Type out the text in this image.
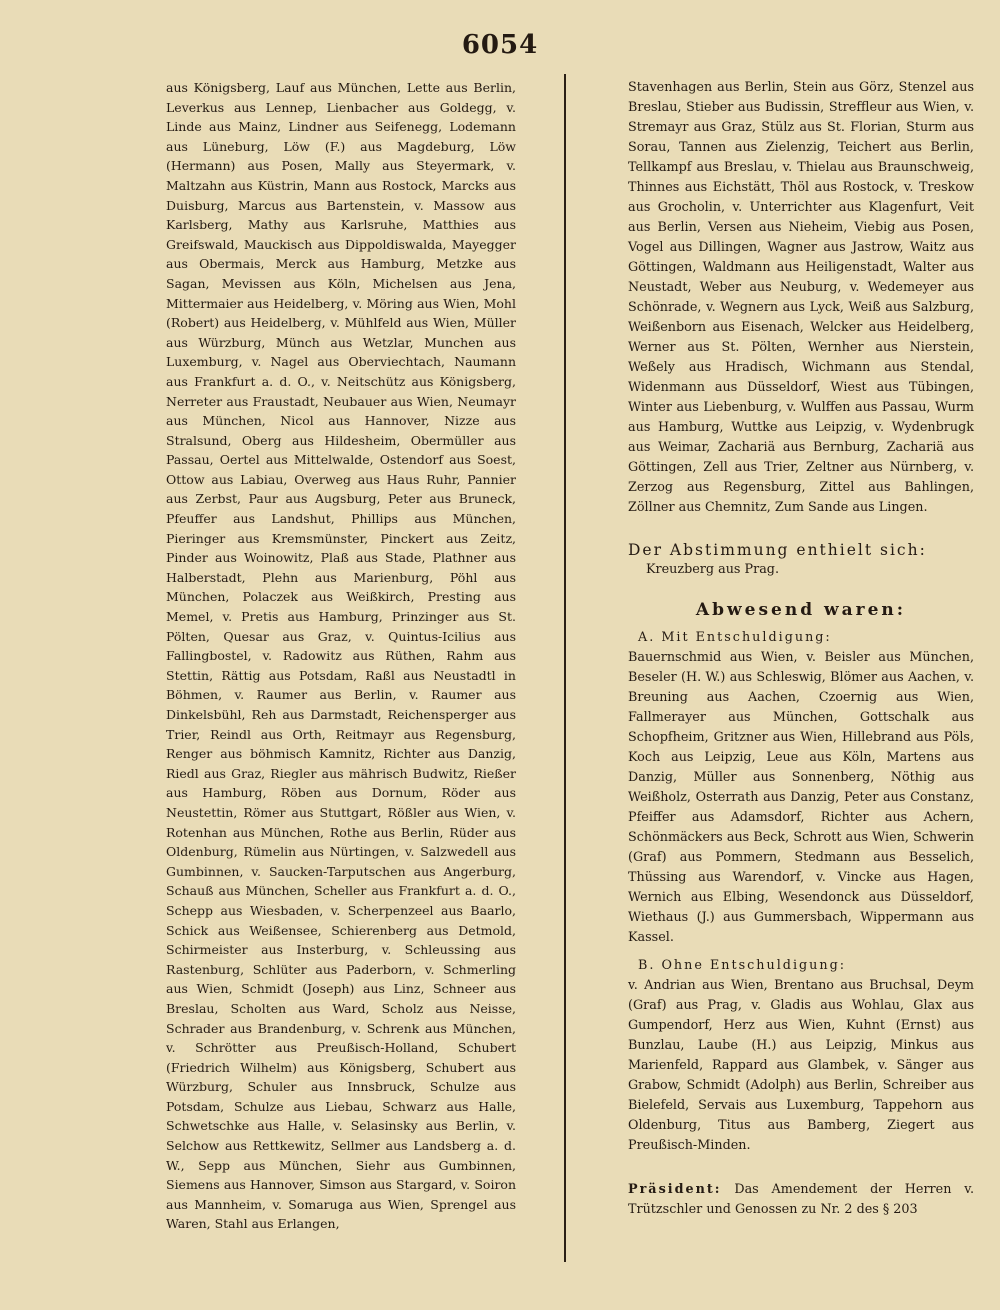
6054

aus Königsberg, Lauf aus München, Lette aus Berlin, Leverkus aus Lennep, Lienbacher aus Goldegg, v. Linde aus Mainz, Lindner aus Seifenegg, Lodemann aus Lüneburg, Löw (F.) aus Magdeburg, Löw (Hermann) aus Posen, Mally aus Steyermark, v. Maltzahn aus Küstrin, Mann aus Rostock, Marcks aus Duisburg, Marcus aus Bartenstein, v. Massow aus Karlsberg, Mathy aus Karlsruhe, Matthies aus Greifswald, Mauckisch aus Dippoldiswalda, Mayegger aus Obermais, Merck aus Hamburg, Metzke aus Sagan, Mevissen aus Köln, Michelsen aus Jena, Mittermaier aus Heidelberg, v. Möring aus Wien, Mohl (Robert) aus Heidelberg, v. Mühlfeld aus Wien, Müller aus Würzburg, Münch aus Wetzlar, Munchen aus Luxemburg, v. Nagel aus Oberviechtach, Naumann aus Frankfurt a. d. O., v. Neitschütz aus Königsberg, Nerreter aus Fraustadt, Neubauer aus Wien, Neumayr aus München, Nicol aus Hannover, Nizze aus Stralsund, Oberg aus Hildesheim, Obermüller aus Passau, Oertel aus Mittelwalde, Ostendorf aus Soest, Ottow aus Labiau, Overweg aus Haus Ruhr, Pannier aus Zerbst, Paur aus Augsburg, Peter aus Bruneck, Pfeuffer aus Landshut, Phillips aus München, Pieringer aus Kremsmünster, Pinckert aus Zeitz, Pinder aus Woinowitz, Plaß aus Stade, Plathner aus Halberstadt, Plehn aus Marienburg, Pöhl aus München, Polaczek aus Weißkirch, Presting aus Memel, v. Pretis aus Hamburg, Prinzinger aus St. Pölten, Quesar aus Graz, v. Quintus-Icilius aus Fallingbostel, v. Radowitz aus Rüthen, Rahm aus Stettin, Rättig aus Potsdam, Raßl aus Neustadtl in Böhmen, v. Raumer aus Berlin, v. Raumer aus Dinkelsbühl, Reh aus Darmstadt, Reichensperger aus Trier, Reindl aus Orth, Reitmayr aus Regensburg, Renger aus böhmisch Kamnitz, Richter aus Danzig, Riedl aus Graz, Riegler aus mährisch Budwitz, Rießer aus Hamburg, Röben aus Dornum, Röder aus Neustettin, Römer aus Stuttgart, Rößler aus Wien, v. Rotenhan aus München, Rothe aus Berlin, Rüder aus Oldenburg, Rümelin aus Nürtingen, v. Salzwedell aus Gumbinnen, v. Saucken-Tarputschen aus Angerburg, Schauß aus München, Scheller aus Frankfurt a. d. O., Schepp aus Wiesbaden, v. Scherpenzeel aus Baarlo, Schick aus Weißensee, Schierenberg aus Detmold, Schirmeister aus Insterburg, v. Schleussing aus Rastenburg, Schlüter aus Paderborn, v. Schmerling aus Wien, Schmidt (Joseph) aus Linz, Schneer aus Breslau, Scholten aus Ward, Scholz aus Neisse, Schrader aus Brandenburg, v. Schrenk aus München, v. Schrötter aus Preußisch-Holland, Schubert (Friedrich Wilhelm) aus Königsberg, Schubert aus Würzburg, Schuler aus Innsbruck, Schulze aus Potsdam, Schulze aus Liebau, Schwarz aus Halle, Schwetschke aus Halle, v. Selasinsky aus Berlin, v. Selchow aus Rettkewitz, Sellmer aus Landsberg a. d. W., Sepp aus München, Siehr aus Gumbinnen, Siemens aus Hannover, Simson aus Stargard, v. Soiron aus Mannheim, v. Somaruga aus Wien, Sprengel aus Waren, Stahl aus Erlangen,

Stavenhagen aus Berlin, Stein aus Görz, Stenzel aus Breslau, Stieber aus Budissin, Streffleur aus Wien, v. Stremayr aus Graz, Stülz aus St. Florian, Sturm aus Sorau, Tannen aus Zielenzig, Teichert aus Berlin, Tellkampf aus Breslau, v. Thielau aus Braunschweig, Thinnes aus Eichstätt, Thöl aus Rostock, v. Treskow aus Grocholin, v. Unterrichter aus Klagenfurt, Veit aus Berlin, Versen aus Nieheim, Viebig aus Posen, Vogel aus Dillingen, Wagner aus Jastrow, Waitz aus Göttingen, Waldmann aus Heiligenstadt, Walter aus Neustadt, Weber aus Neuburg, v. Wedemeyer aus Schönrade, v. Wegnern aus Lyck, Weiß aus Salzburg, Weißenborn aus Eisenach, Welcker aus Heidelberg, Werner aus St. Pölten, Wernher aus Nierstein, Weßely aus Hradisch, Wichmann aus Stendal, Widenmann aus Düsseldorf, Wiest aus Tübingen, Winter aus Liebenburg, v. Wulffen aus Passau, Wurm aus Hamburg, Wuttke aus Leipzig, v. Wydenbrugk aus Weimar, Zachariä aus Bernburg, Zachariä aus Göttingen, Zell aus Trier, Zeltner aus Nürnberg, v. Zerzog aus Regensburg, Zittel aus Bahlingen, Zöllner aus Chemnitz, Zum Sande aus Lingen.

Der Abstimmung enthielt sich:

Kreuzberg aus Prag.

Abwesend waren:

A. Mit Entschuldigung:

Bauernschmid aus Wien, v. Beisler aus München, Beseler (H. W.) aus Schleswig, Blömer aus Aachen, v. Breuning aus Aachen, Czoernig aus Wien, Fallmerayer aus München, Gottschalk aus Schopfheim, Gritzner aus Wien, Hillebrand aus Pöls, Koch aus Leipzig, Leue aus Köln, Martens aus Danzig, Müller aus Sonnenberg, Nöthig aus Weißholz, Osterrath aus Danzig, Peter aus Constanz, Pfeiffer aus Adamsdorf, Richter aus Achern, Schönmäckers aus Beck, Schrott aus Wien, Schwerin (Graf) aus Pommern, Stedmann aus Besselich, Thüssing aus Warendorf, v. Vincke aus Hagen, Wernich aus Elbing, Wesendonck aus Düsseldorf, Wiethaus (J.) aus Gummersbach, Wippermann aus Kassel.

B. Ohne Entschuldigung:

v. Andrian aus Wien, Brentano aus Bruchsal, Deym (Graf) aus Prag, v. Gladis aus Wohlau, Glax aus Gumpendorf, Herz aus Wien, Kuhnt (Ernst) aus Bunzlau, Laube (H.) aus Leipzig, Minkus aus Marienfeld, Rappard aus Glambek, v. Sänger aus Grabow, Schmidt (Adolph) aus Berlin, Schreiber aus Bielefeld, Servais aus Luxemburg, Tappehorn aus Oldenburg, Titus aus Bamberg, Ziegert aus Preußisch-Minden.

Präsident: Das Amendement der Herren v. Trützschler und Genossen zu Nr. 2 des § 203
